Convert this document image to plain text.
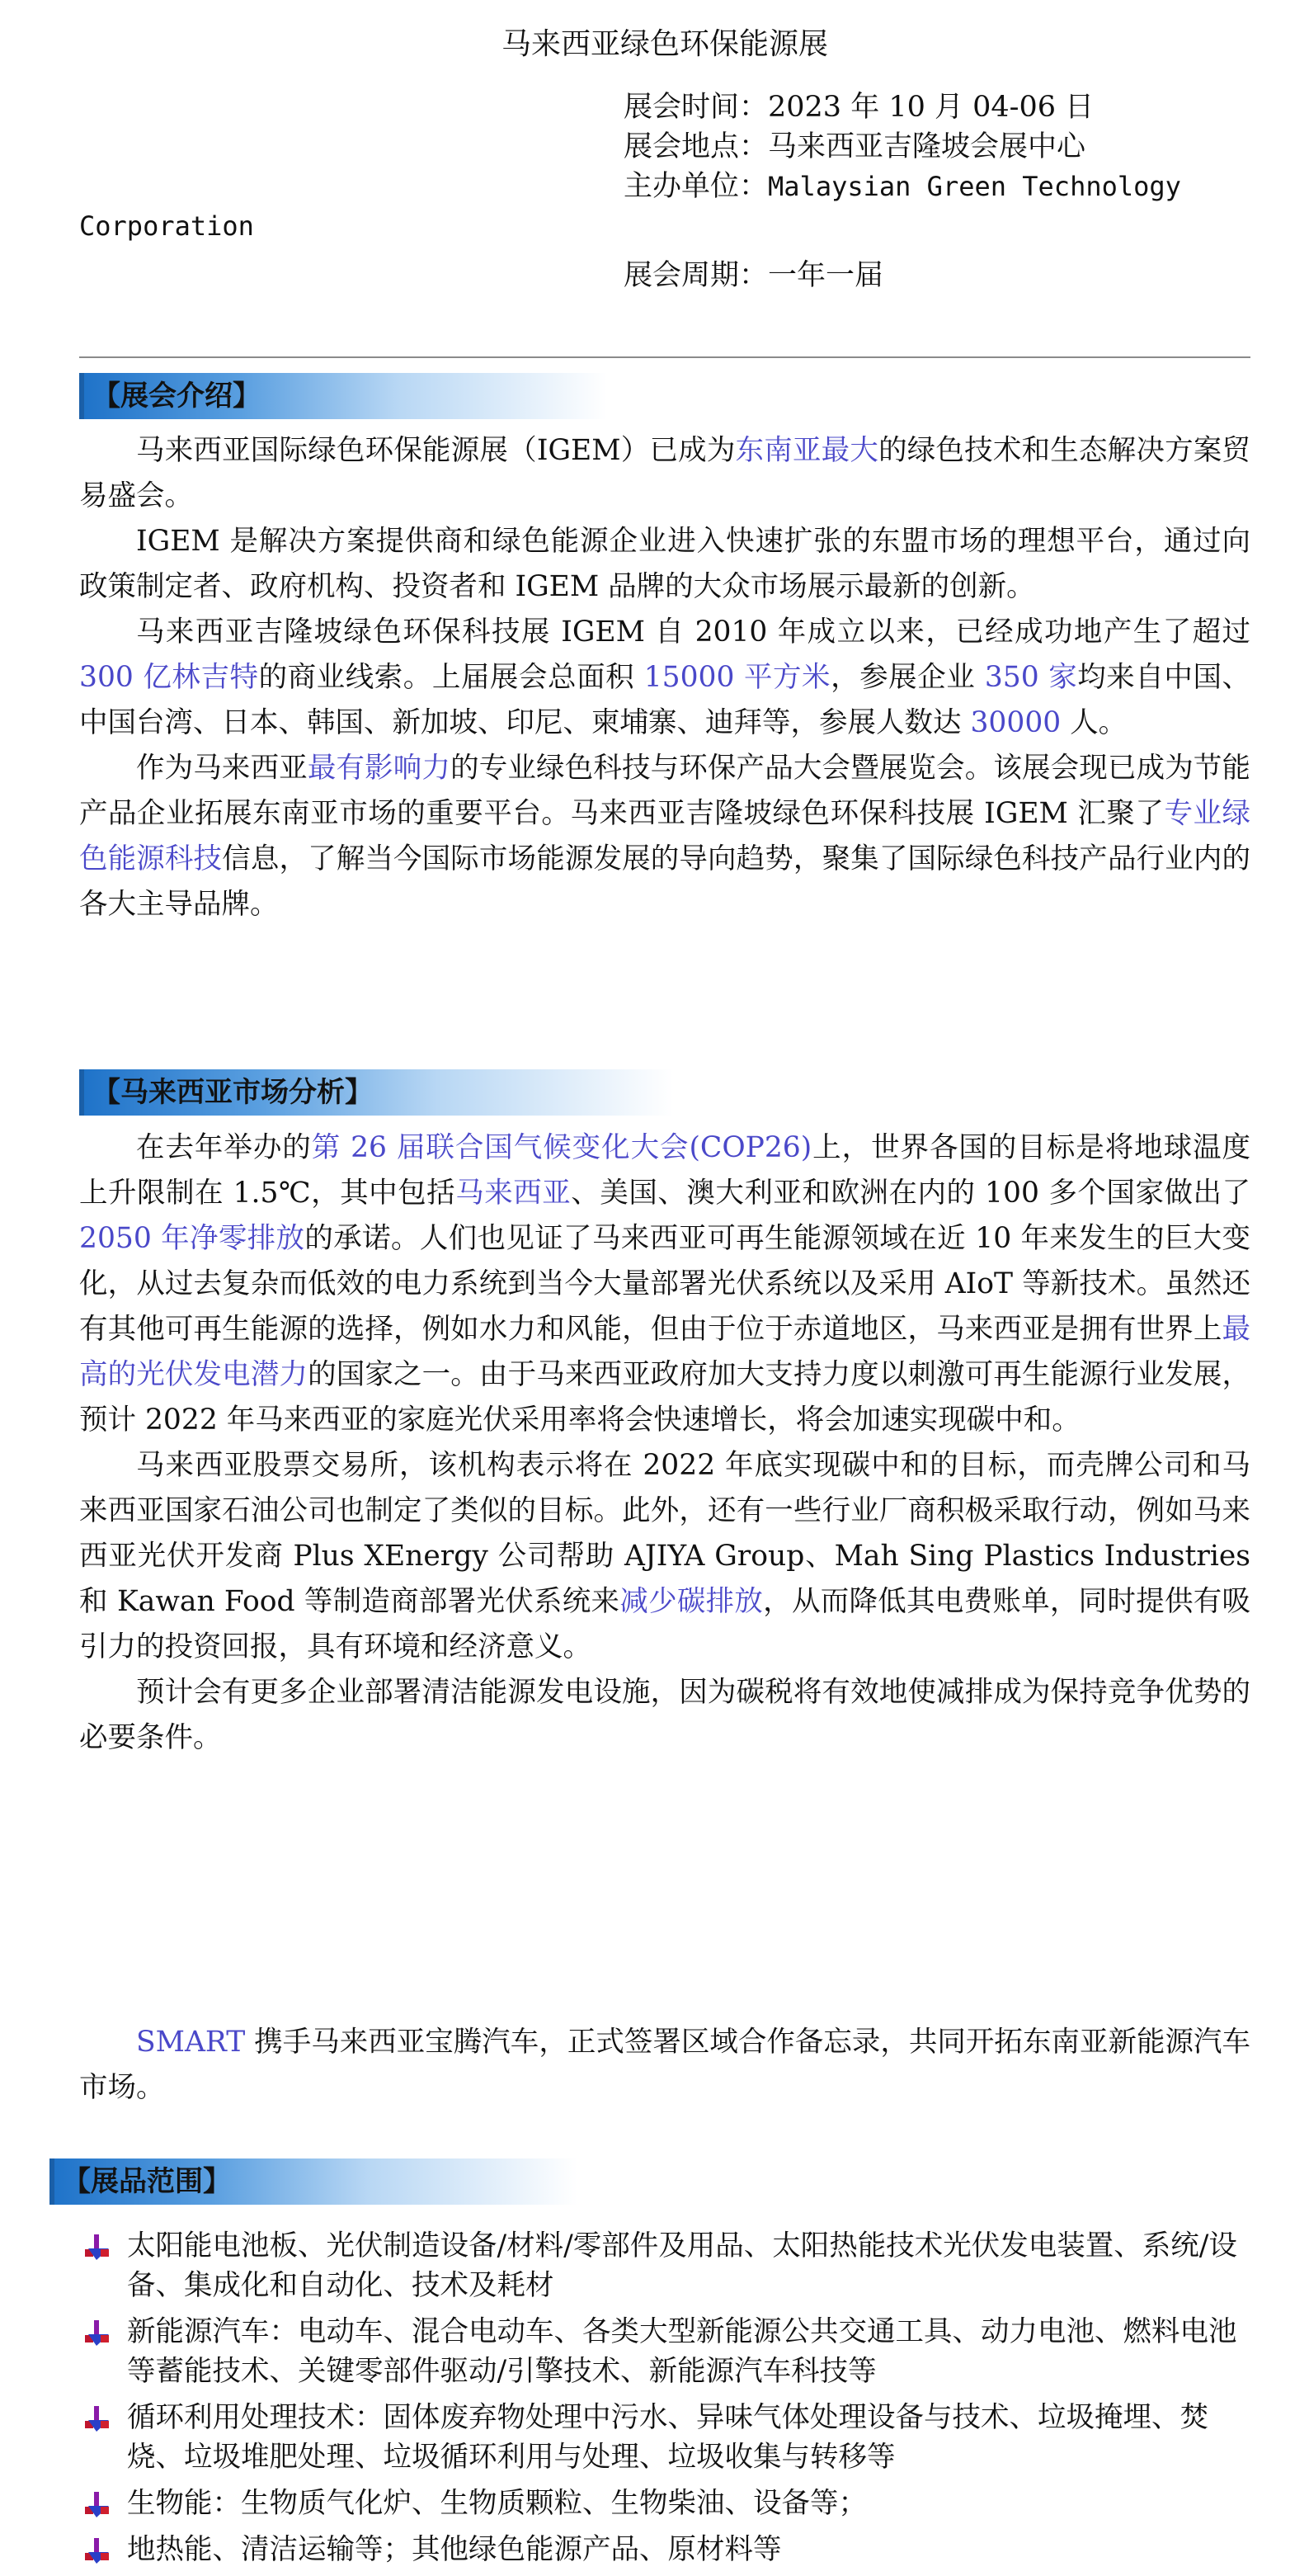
马来西亚绿色环保能源展
展会时间：2023 年 10 月 04-06 日
展会地点：马来西亚吉隆坡会展中心
主办单位：Malaysian Green Technology
Corporation
展会周期：一年一届
【展会介绍】

马来西亚国际绿色环保能源展（IGEM）已成为东南亚最大的绿色技术和生态解决方案贸易盛会。

IGEM 是解决方案提供商和绿色能源企业进入快速扩张的东盟市场的理想平台，通过向政策制定者、政府机构、投资者和 IGEM 品牌的大众市场展示最新的创新。

马来西亚吉隆坡绿色环保科技展 IGEM 自 2010 年成立以来，已经成功地产生了超过 300 亿林吉特的商业线索。上届展会总面积 15000 平方米，参展企业 350 家均来自中国、中国台湾、日本、韩国、新加坡、印尼、柬埔寨、迪拜等，参展人数达 30000 人。

作为马来西亚最有影响力的专业绿色科技与环保产品大会暨展览会。该展会现已成为节能产品企业拓展东南亚市场的重要平台。马来西亚吉隆坡绿色环保科技展 IGEM 汇聚了专业绿色能源科技信息，了解当今国际市场能源发展的导向趋势，聚集了国际绿色科技产品行业内的各大主导品牌。

【马来西亚市场分析】

在去年举办的第 26 届联合国气候变化大会(COP26)上，世界各国的目标是将地球温度上升限制在 1.5℃，其中包括马来西亚、美国、澳大利亚和欧洲在内的 100 多个国家做出了 2050 年净零排放的承诺。人们也见证了马来西亚可再生能源领域在近 10 年来发生的巨大变化，从过去复杂而低效的电力系统到当今大量部署光伏系统以及采用 AIoT 等新技术。虽然还有其他可再生能源的选择，例如水力和风能，但由于位于赤道地区，马来西亚是拥有世界上最高的光伏发电潜力的国家之一。由于马来西亚政府加大支持力度以刺激可再生能源行业发展，预计 2022 年马来西亚的家庭光伏采用率将会快速增长，将会加速实现碳中和。

马来西亚股票交易所，该机构表示将在 2022 年底实现碳中和的目标，而壳牌公司和马来西亚国家石油公司也制定了类似的目标。此外，还有一些行业厂商积极采取行动，例如马来西亚光伏开发商 Plus XEnergy 公司帮助 AJIYA Group、Mah Sing Plastics Industries 和 Kawan Food 等制造商部署光伏系统来减少碳排放，从而降低其电费账单，同时提供有吸引力的投资回报，具有环境和经济意义。

预计会有更多企业部署清洁能源发电设施，因为碳税将有效地使减排成为保持竞争优势的必要条件。

SMART 携手马来西亚宝腾汽车，正式签署区域合作备忘录，共同开拓东南亚新能源汽车市场。

【展品范围】
太阳能电池板、光伏制造设备/材料/零部件及用品、太阳热能技术光伏发电装置、系统/设备、集成化和自动化、技术及耗材
新能源汽车：电动车、混合电动车、各类大型新能源公共交通工具、动力电池、燃料电池等蓄能技术、关键零部件驱动/引擎技术、新能源汽车科技等
循环利用处理技术：固体废弃物处理中污水、异味气体处理设备与技术、垃圾掩埋、焚烧、垃圾堆肥处理、垃圾循环利用与处理、垃圾收集与转移等
生物能：生物质气化炉、生物质颗粒、生物柴油、设备等；
地热能、清洁运输等；其他绿色能源产品、原材料等
